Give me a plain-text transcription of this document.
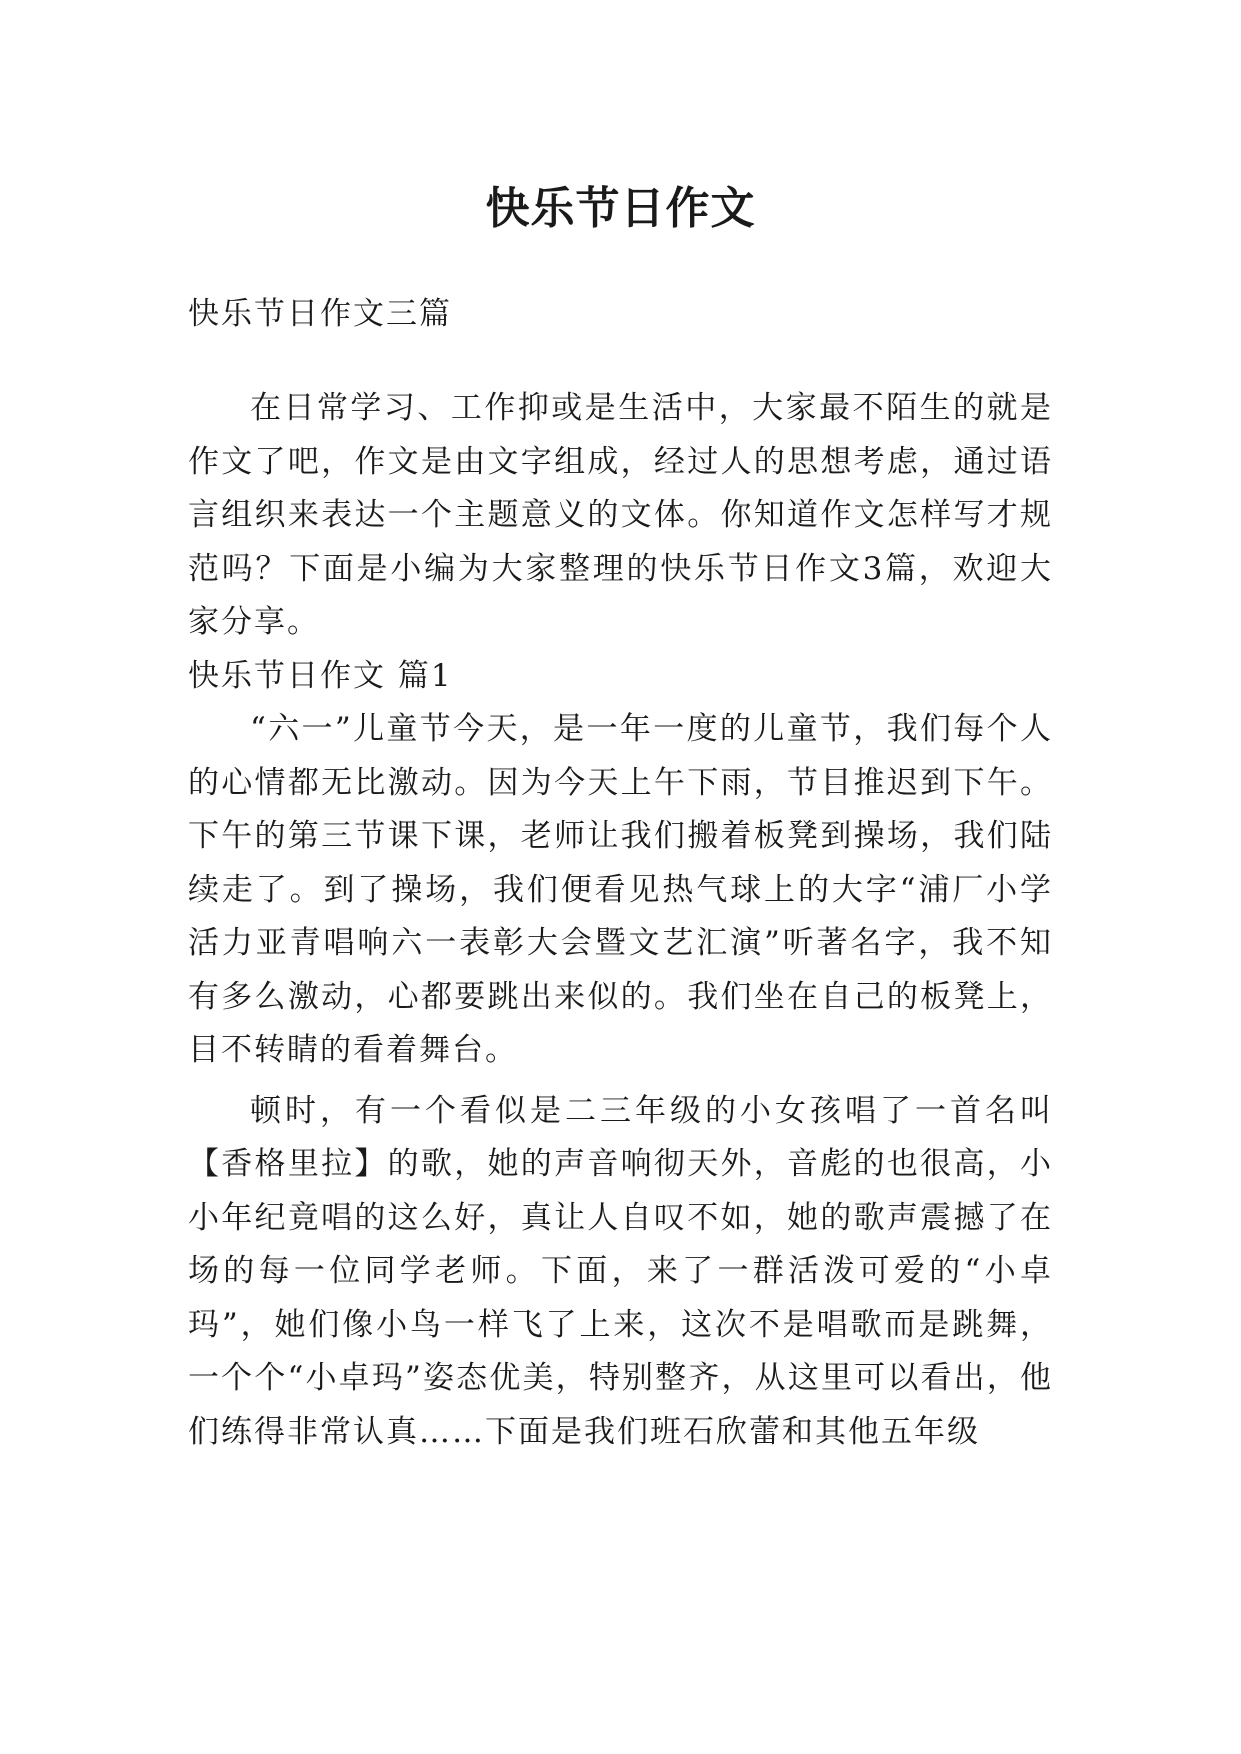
快乐节日作文

快乐节日作文三篇

在日常学习、工作抑或是生活中，大家最不陌生的就是作文了吧，作文是由文字组成，经过人的思想考虑，通过语言组织来表达一个主题意义的文体。你知道作文怎样写才规范吗？下面是小编为大家整理的快乐节日作文3篇，欢迎大家分享。

快乐节日作文 篇1

“六一”儿童节今天，是一年一度的儿童节，我们每个人的心情都无比激动。因为今天上午下雨，节目推迟到下午。下午的第三节课下课，老师让我们搬着板凳到操场，我们陆续走了。到了操场，我们便看见热气球上的大字“浦厂小学活力亚青唱响六一表彰大会暨文艺汇演”听著名字，我不知有多么激动，心都要跳出来似的。我们坐在自己的板凳上，目不转睛的看着舞台。

顿时，有一个看似是二三年级的小女孩唱了一首名叫【香格里拉】的歌，她的声音响彻天外，音彪的也很高，小小年纪竟唱的这么好，真让人自叹不如，她的歌声震撼了在场的每一位同学老师。下面，来了一群活泼可爱的“小卓玛”，她们像小鸟一样飞了上来，这次不是唱歌而是跳舞，一个个“小卓玛”姿态优美，特别整齐，从这里可以看出，他们练得非常认真……下面是我们班石欣蕾和其他五年级
